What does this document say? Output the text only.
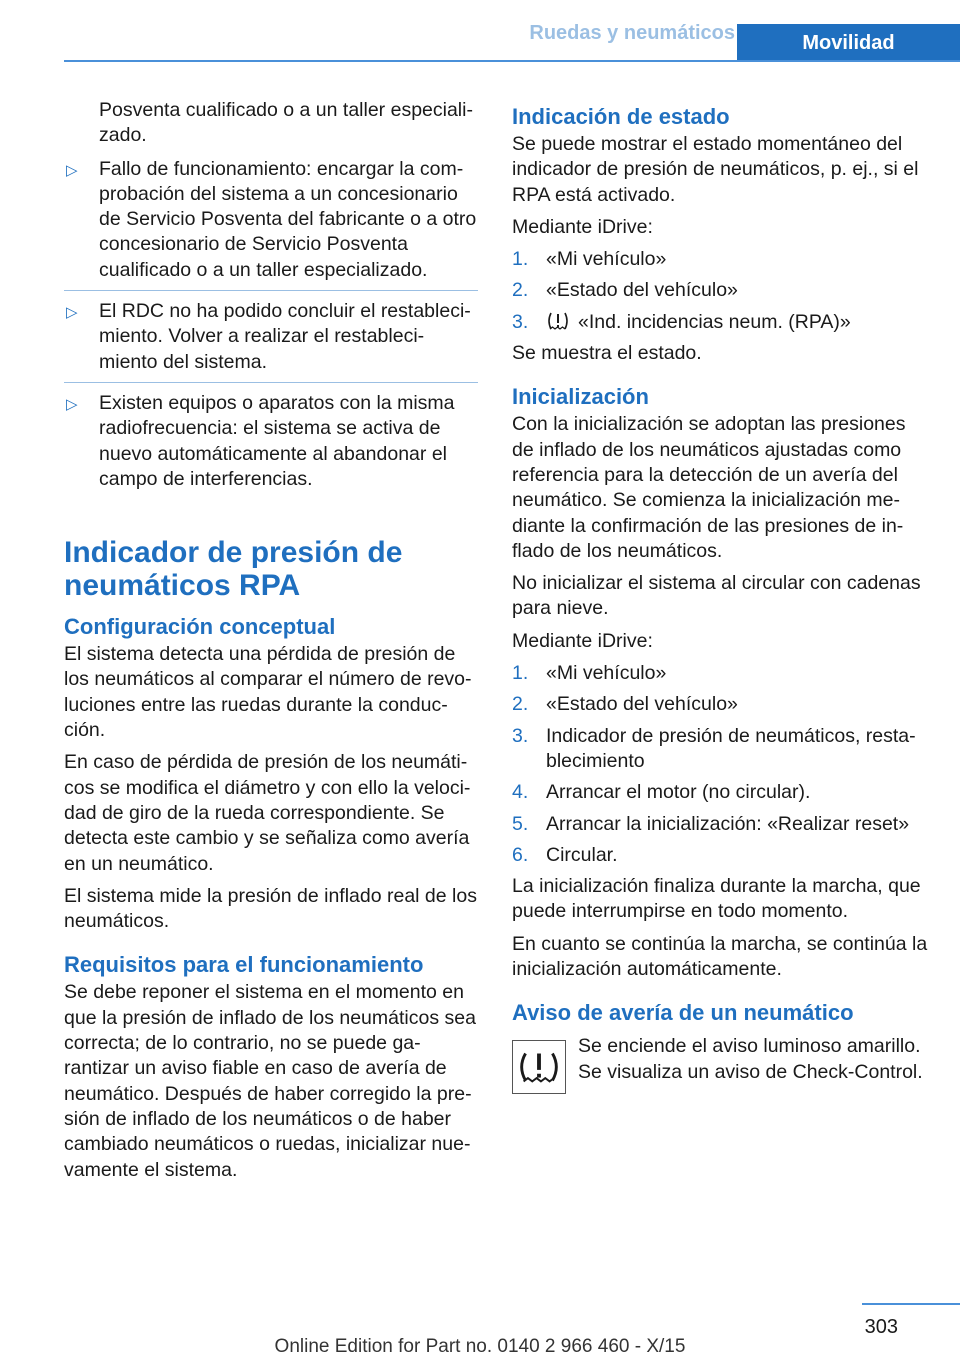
Ruedas y neumáticos	Movilidad

Posventa cualificado o a un taller especiali‐zado.

▷ Fallo de funcionamiento: encargar la com‐probación del sistema a un concesionario de Servicio Posventa del fabricante o a otro concesionario de Servicio Posventa cualificado o a un taller especializado.
▷ El RDC no ha podido concluir el restableci‐miento. Volver a realizar el restableci‐miento del sistema.
▷ Existen equipos o aparatos con la misma radiofrecuencia: el sistema se activa de nuevo automáticamente al abandonar el campo de interferencias.
Indicador de presión de neumáticos RPA
Configuración conceptual

El sistema detecta una pérdida de presión de los neumáticos al comparar el número de revo‐luciones entre las ruedas durante la conduc‐ción.

En caso de pérdida de presión de los neumáti‐cos se modifica el diámetro y con ello la veloci‐dad de giro de la rueda correspondiente. Se detecta este cambio y se señaliza como avería en un neumático.

El sistema mide la presión de inflado real de los neumáticos.

Requisitos para el funcionamiento

Se debe reponer el sistema en el momento en que la presión de inflado de los neumáticos sea correcta; de lo contrario, no se puede ga‐rantizar un aviso fiable en caso de avería de neumático. Después de haber corregido la pre‐sión de inflado de los neumáticos o de haber cambiado neumáticos o ruedas, inicializar nue‐vamente el sistema.

Indicación de estado

Se puede mostrar el estado momentáneo del indicador de presión de neumáticos, p. ej., si el RPA está activado.

Mediante iDrive:

1. «Mi vehículo»
2. «Estado del vehículo»
3.	«Ind. incidencias neum. (RPA)»

Se muestra el estado.

Inicialización

Con la inicialización se adoptan las presiones de inflado de los neumáticos ajustadas como referencia para la detección de un avería del neumático. Se comienza la inicialización me‐diante la confirmación de las presiones de in‐flado de los neumáticos.

No inicializar el sistema al circular con cadenas para nieve.

Mediante iDrive:

1. «Mi vehículo»
2. «Estado del vehículo»
3. Indicador de presión de neumáticos, resta‐blecimiento
4. Arrancar el motor (no circular).
5. Arrancar la inicialización: «Realizar reset»
6. Circular.

La inicialización finaliza durante la marcha, que puede interrumpirse en todo momento.

En cuanto se continúa la marcha, se continúa la inicialización automáticamente.

Aviso de avería de un neumático

Se enciende el aviso luminoso amarillo. Se visualiza un aviso de Check-Control.

303
Online Edition for Part no. 0140 2 966 460 - X/15
